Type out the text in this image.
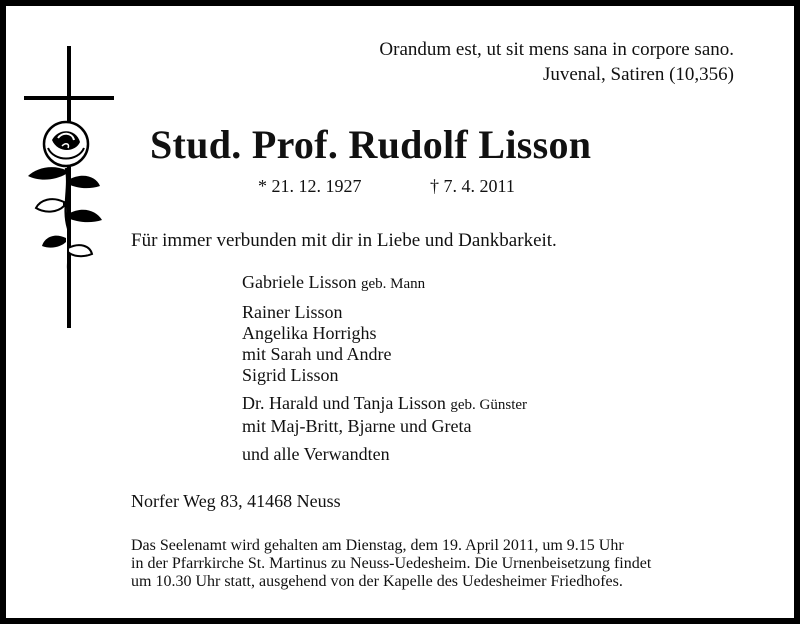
Orandum est, ut sit mens sana in corpore sano.
Juvenal, Satiren (10,356)
Stud. Prof. Rudolf Lisson
* 21. 12. 1927	† 7. 4. 2011
Für immer verbunden mit dir in Liebe und Dankbarkeit.
Gabriele Lisson geb. Mann
Rainer Lisson
Angelika Horrighs
mit Sarah und Andre
Sigrid Lisson
Dr. Harald und Tanja Lisson geb. Günster
mit Maj-Britt, Bjarne und Greta
und alle Verwandten
Norfer Weg 83, 41468 Neuss
Das Seelenamt wird gehalten am Dienstag, dem 19. April 2011, um 9.15 Uhr
in der Pfarrkirche St. Martinus zu Neuss-Uedesheim. Die Urnenbeisetzung findet
um 10.30 Uhr statt, ausgehend von der Kapelle des Uedesheimer Friedhofes.
